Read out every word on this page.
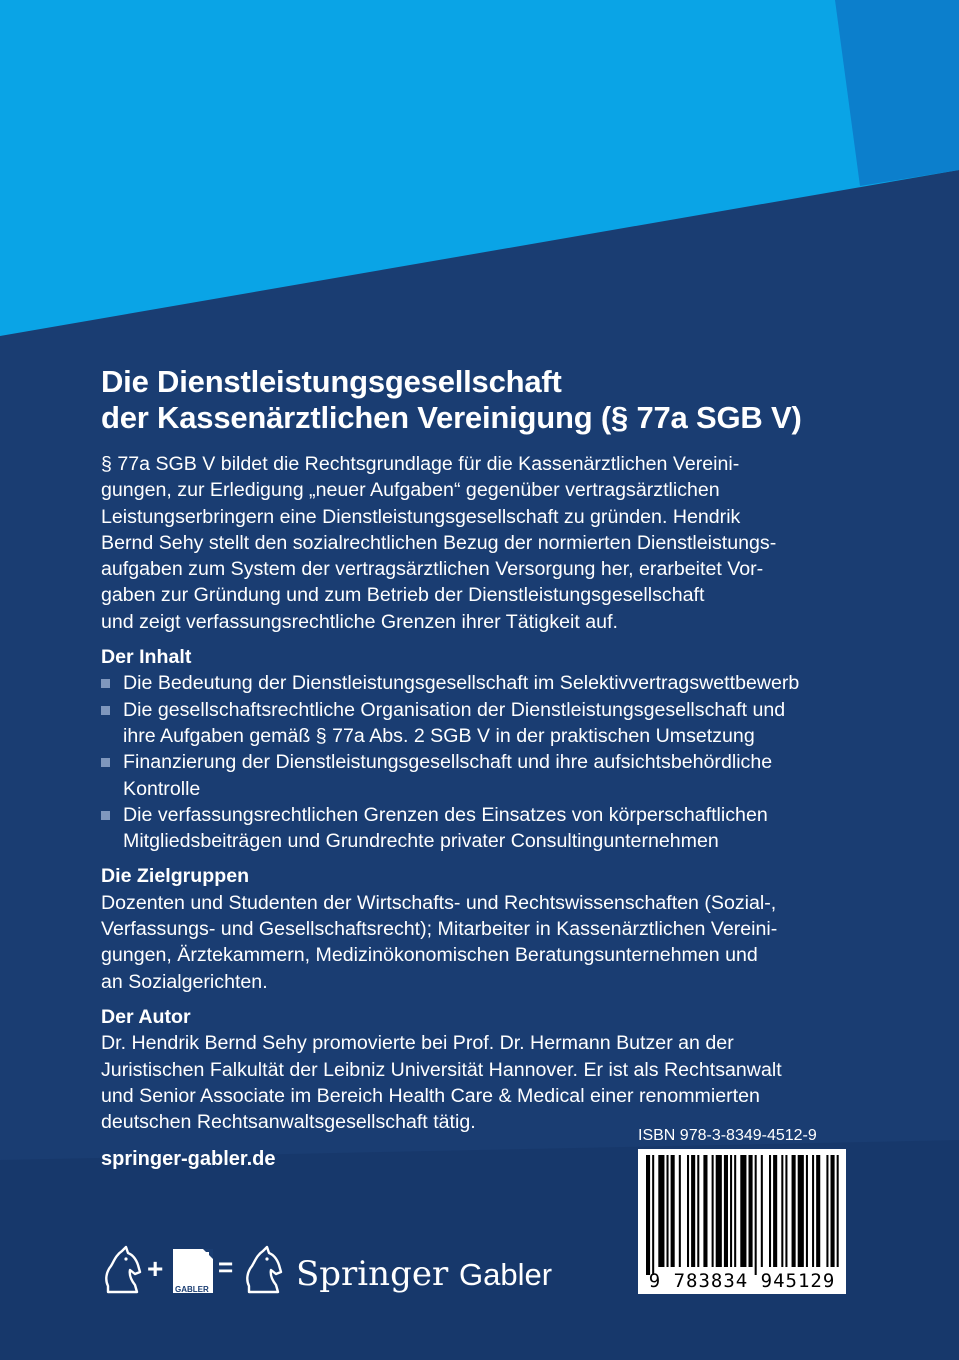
Die Dienstleistungsgesellschaft
der Kassenärztlichen Vereinigung (§ 77a SGB V)

§ 77a SGB V bildet die Rechtsgrundlage für die Kassenärztlichen Vereini-
gungen, zur Erledigung „neuer Aufgaben“ gegenüber vertragsärztlichen
Leistungserbringern eine Dienstleistungsgesellschaft zu gründen. Hendrik
Bernd Sehy stellt den sozialrechtlichen Bezug der normierten Dienstleistungs-
aufgaben zum System der vertragsärztlichen Versorgung her, erarbeitet Vor-
gaben zur Gründung und zum Betrieb der Dienstleistungsgesellschaft
und zeigt verfassungsrechtliche Grenzen ihrer Tätigkeit auf.

Der Inhalt
Die Bedeutung der Dienstleistungsgesellschaft im Selektivvertragswettbewerb
Die gesellschaftsrechtliche Organisation der Dienstleistungsgesellschaft und
ihre Aufgaben gemäß § 77a Abs. 2 SGB V in der praktischen Umsetzung
Finanzierung der Dienstleistungsgesellschaft und ihre aufsichtsbehördliche
Kontrolle
Die verfassungsrechtlichen Grenzen des Einsatzes von körperschaftlichen
Mitgliedsbeiträgen und Grundrechte privater Consultingunternehmen
Die Zielgruppen

Dozenten und Studenten der Wirtschafts- und Rechtswissenschaften (Sozial-,
Verfassungs- und Gesellschaftsrecht); Mitarbeiter in Kassenärztlichen Vereini-
gungen, Ärztekammern, Medizinökonomischen Beratungsunternehmen und
an Sozialgerichten.

Der Autor

Dr. Hendrik Bernd Sehy promovierte bei Prof. Dr. Hermann Butzer an der
Juristischen Falkultät der Leibniz Universität Hannover. Er ist als Rechtsanwalt
und Senior Associate im Bereich Health Care & Medical einer renommierten
deutschen Rechtsanwaltsgesellschaft tätig.

springer-gabler.de
ISBN 978-3-8349-4512-9
9 783834 945129
+
GABLER
= Springer Gabler
